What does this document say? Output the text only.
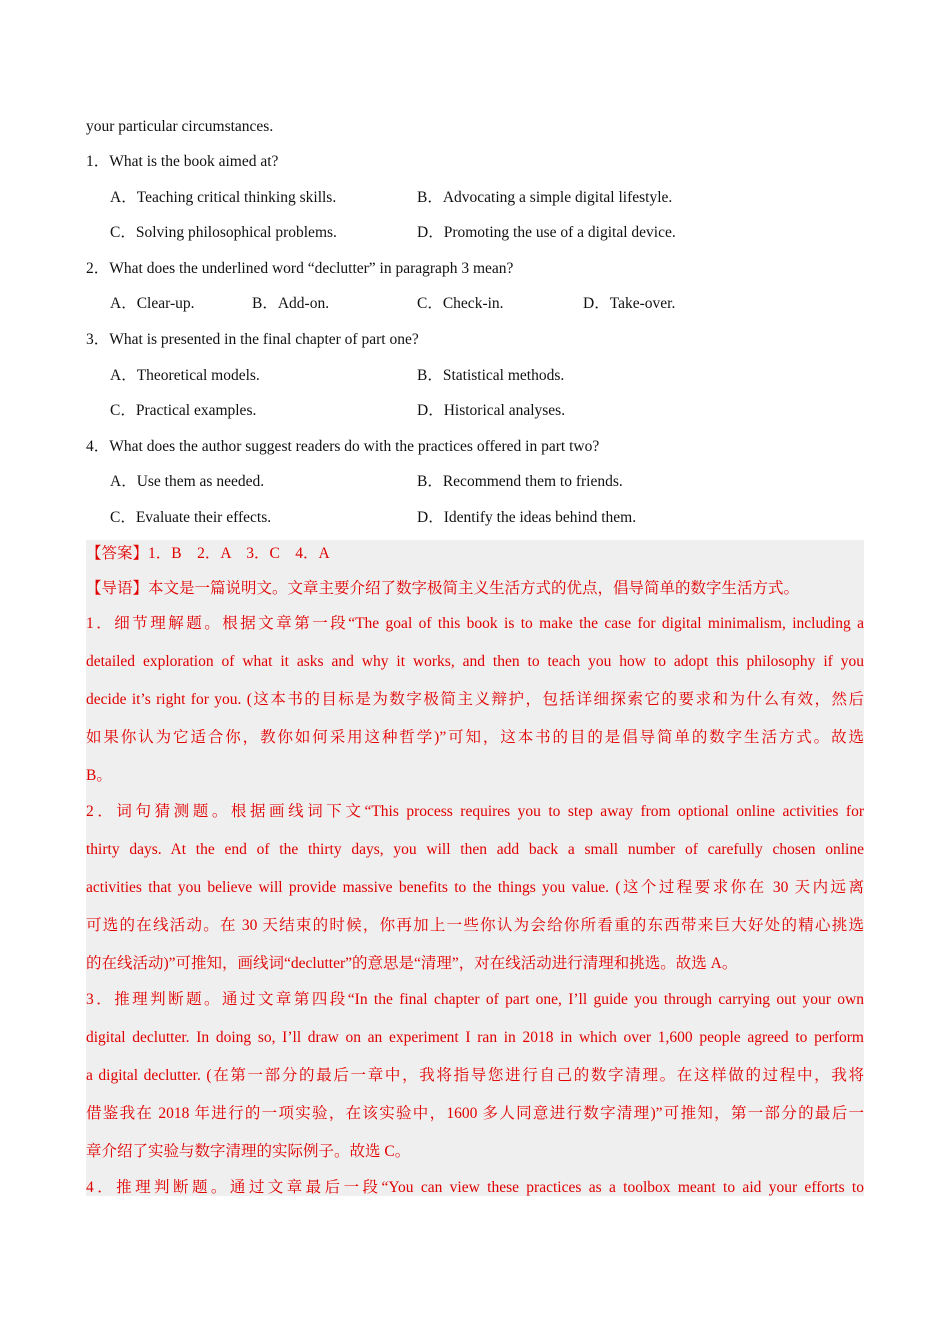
your particular circumstances.
1．What is the book aimed at?
A．Teaching critical thinking skills.	B．Advocating a simple digital lifestyle.
C．Solving philosophical problems.	D．Promoting the use of a digital device.
2．What does the underlined word “declutter” in paragraph 3 mean?
A．Clear-up.	B．Add-on.	C．Check-in.	D．Take-over.
3．What is presented in the final chapter of part one?
A．Theoretical models.	B．Statistical methods.
C．Practical examples.	D．Historical analyses.
4．What does the author suggest readers do with the practices offered in part two?
A．Use them as needed.	B．Recommend them to friends.
C．Evaluate their effects.	D．Identify the ideas behind them.
【答案】1．B　2．A　3．C　4．A
【导语】本文是一篇说明文。文章主要介绍了数字极简主义生活方式的优点，倡导简单的数字生活方式。
1．细节理解题。根据文章第一段“The goal of this book is to make the case for digital minimalism, including a
detailed exploration of what it asks and why it works, and then to teach you how to adopt this philosophy if you
decide it’s right for you. (这本书的目标是为数字极简主义辩护，包括详细探索它的要求和为什么有效，然后
如果你认为它适合你，教你如何采用这种哲学)”可知，这本书的目的是倡导简单的数字生活方式。故选
B。
2．词句猜测题。根据画线词下文“This process requires you to step away from optional online activities for
thirty days. At the end of the thirty days, you will then add back a small number of carefully chosen online
activities that you believe will provide massive benefits to the things you value. (这个过程要求你在 30 天内远离
可选的在线活动。在 30 天结束的时候，你再加上一些你认为会给你所看重的东西带来巨大好处的精心挑选
的在线活动)”可推知，画线词“declutter”的意思是“清理”，对在线活动进行清理和挑选。故选 A。
3．推理判断题。通过文章第四段“In the final chapter of part one, I’ll guide you through carrying out your own
digital declutter. In doing so, I’ll draw on an experiment I ran in 2018 in which over 1,600 people agreed to perform
a digital declutter. (在第一部分的最后一章中，我将指导您进行自己的数字清理。在这样做的过程中，我将
借鉴我在 2018 年进行的一项实验，在该实验中，1600 多人同意进行数字清理)”可推知，第一部分的最后一
章介绍了实验与数字清理的实际例子。故选 C。
4．推理判断题。通过文章最后一段“You can view these practices as a toolbox meant to aid your efforts to
